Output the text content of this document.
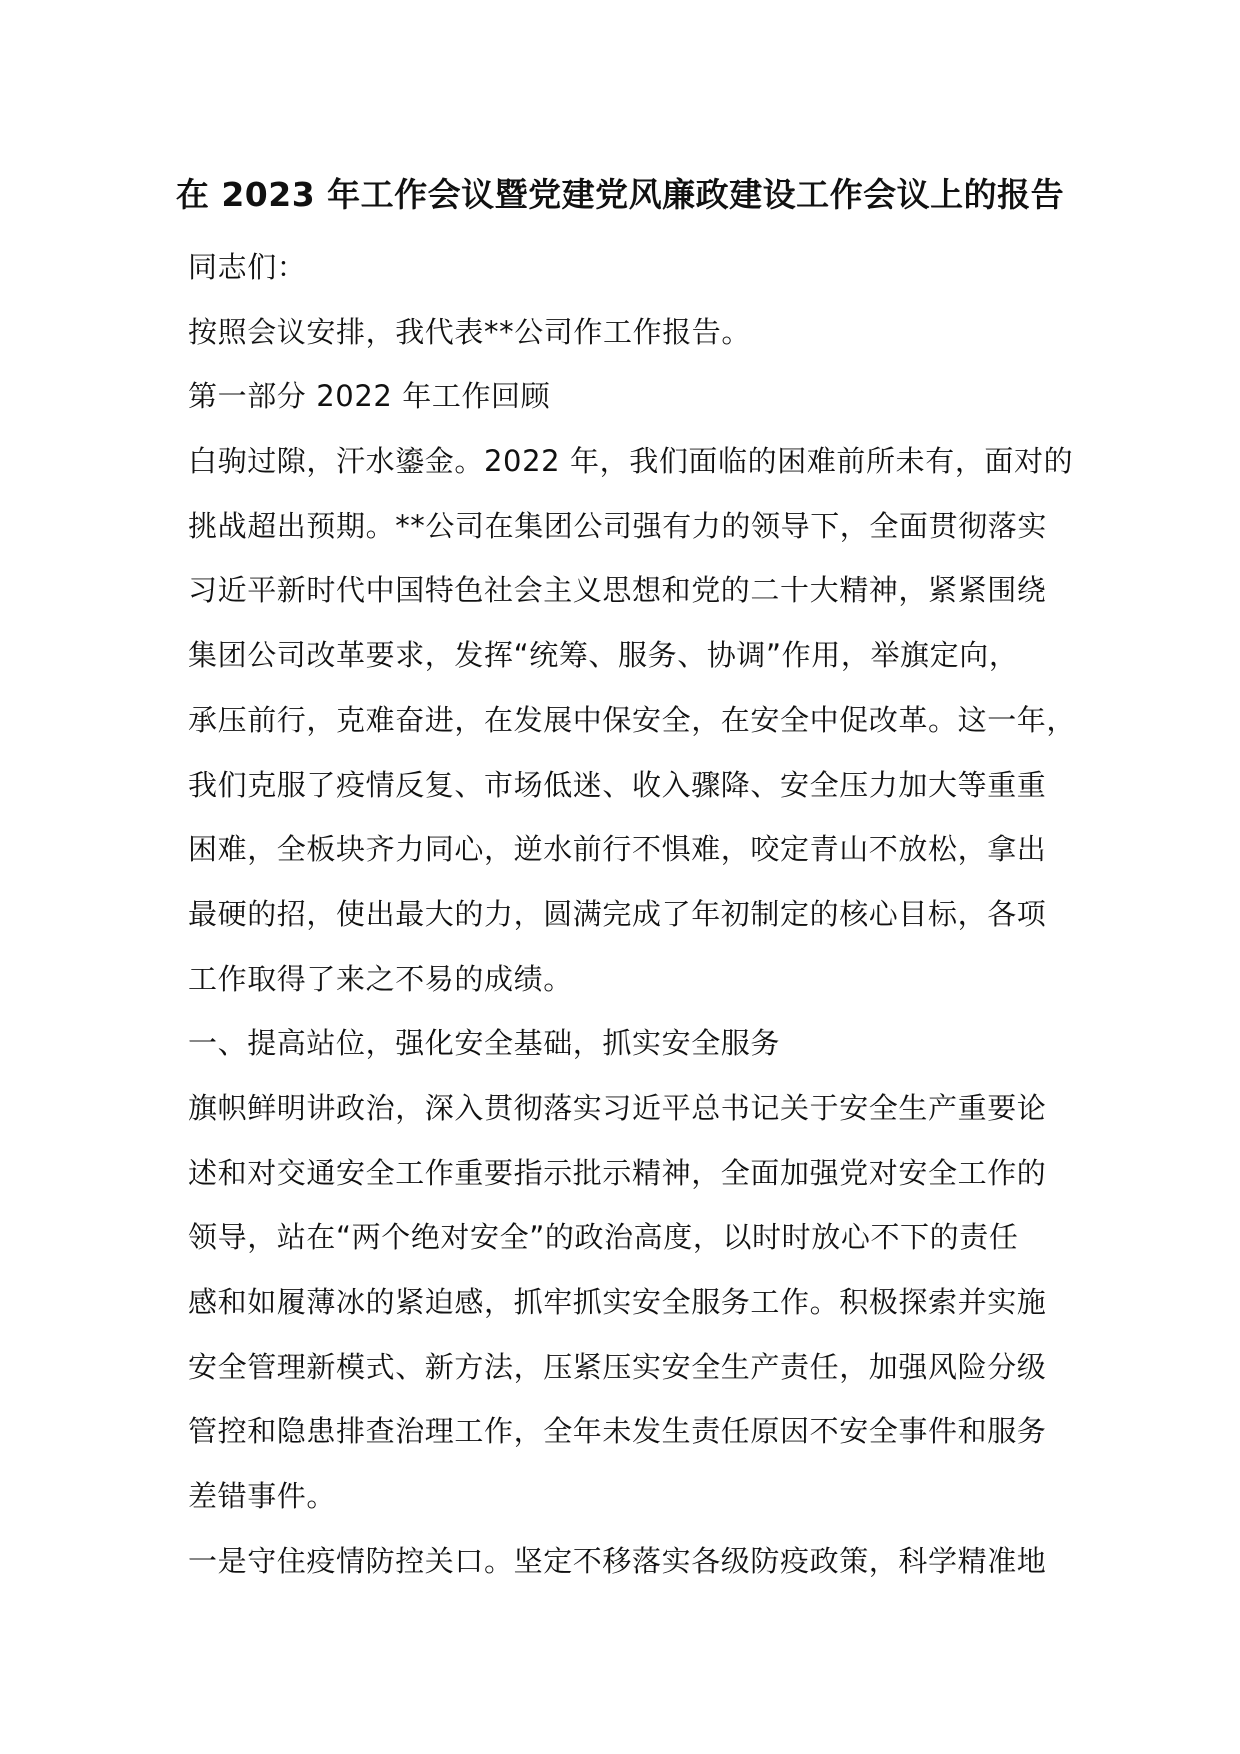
在 2023 年工作会议暨党建党风廉政建设工作会议上的报告
同志们：
按照会议安排，我代表**公司作工作报告。
第一部分 2022 年工作回顾
白驹过隙，汗水鎏金。2022 年，我们面临的困难前所未有，面对的
挑战超出预期。**公司在集团公司强有力的领导下，全面贯彻落实
习近平新时代中国特色社会主义思想和党的二十大精神，紧紧围绕
集团公司改革要求，发挥“统筹、服务、协调”作用，举旗定向，
承压前行，克难奋进，在发展中保安全，在安全中促改革。这一年，
我们克服了疫情反复、市场低迷、收入骤降、安全压力加大等重重
困难，全板块齐力同心，逆水前行不惧难，咬定青山不放松，拿出
最硬的招，使出最大的力，圆满完成了年初制定的核心目标，各项
工作取得了来之不易的成绩。
一、提高站位，强化安全基础，抓实安全服务
旗帜鲜明讲政治，深入贯彻落实习近平总书记关于安全生产重要论
述和对交通安全工作重要指示批示精神，全面加强党对安全工作的
领导，站在“两个绝对安全”的政治高度，以时时放心不下的责任
感和如履薄冰的紧迫感，抓牢抓实安全服务工作。积极探索并实施
安全管理新模式、新方法，压紧压实安全生产责任，加强风险分级
管控和隐患排查治理工作，全年未发生责任原因不安全事件和服务
差错事件。
一是守住疫情防控关口。坚定不移落实各级防疫政策，科学精准地
